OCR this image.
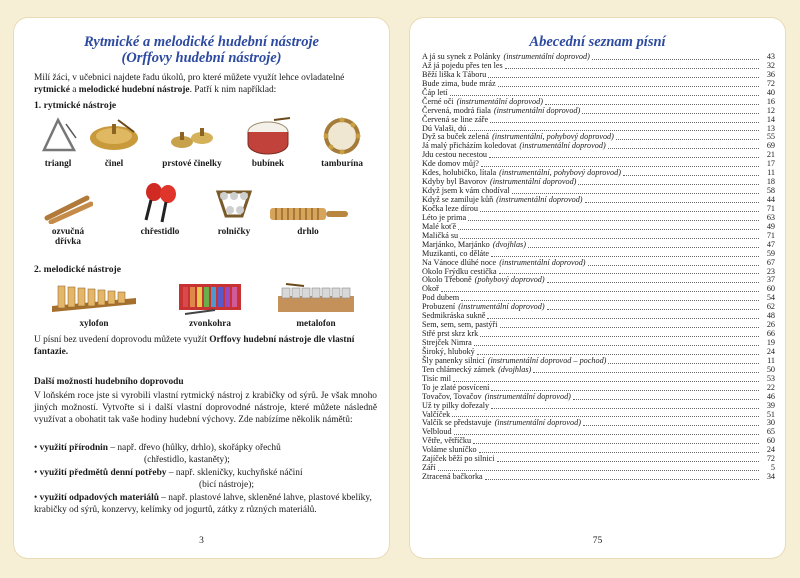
Rytmické a melodické hudební nástroje
(Orffovy hudební nástroje)
Milí žáci, v učebnici najdete řadu úkolů, pro které můžete využít lehce ovladatelné
rytmické a melodické hudební nástroje. Patří k nim například:
1. rytmické nástroje
triangl	činel	prstové činelky	bubínek	tamburína
ozvučná dřívka
chřestidlo	rolničky	drhlo
2. melodické nástroje
xylofon	zvonkohra	metalofon
U písní bez uvedení doprovodu můžete využít Orffovy hudební nástroje dle vlastní fantazie.
Další možnosti hudebního doprovodu
V loňském roce jste si vyrobili vlastní rytmický nástroj z krabičky od sýrů. Je však mnoho jiných možností. Vytvořte si i další vlastní doprovodné nástroje, které můžete následně využívat a obohatit tak vaše hodiny hudební výchovy. Zde nabízíme několik námětů:
• využití přírodnin – např. dřevo (hůlky, drhlo), skořápky ořechů
(chřestidlo, kastaněty);
• využití předmětů denní potřeby – např. skleničky, kuchyňské náčiní
(bicí nástroje);
• využití odpadových materiálů – např. plastové lahve, skleněné lahve, plastové kbelíky, krabičky od sýrů, konzervy, kelímky od jogurtů, zátky z různých materiálů.
3
Abecední seznam písní
A já su synek z Polánky (instrumentální doprovod)	43
Až já pojedu přes ten les	32
Běží liška k Táboru	36
Bude zima, bude mráz	72
Čáp letí	40
Černé oči (instrumentální doprovod)	16
Červená, modrá fiala (instrumentální doprovod)	12
Červená se line záře	14
Dú Valaši, dú	13
Dyž sa buček zelená (instrumentální, pohybový doprovod)	55
Já malý přicházím koledovat (instrumentální doprovod)	69
Jdu cestou necestou	21
Kde domov můj?	17
Kdes, holubičko, lítala (instrumentální, pohybový doprovod)	11
Kdyby byl Bavorov (instrumentální doprovod)	18
Když jsem k vám chodíval	58
Když se zamiluje kůň (instrumentální doprovod)	44
Kočka leze dírou	71
Léto je prima	63
Malé koťě	49
Maličká su	71
Marjánko, Marjánko (dvojhlas)	47
Muzikanti, co děláte	59
Na Vánoce dlúhé noce (instrumentální doprovod)	67
Okolo Frýdku cestička	23
Okolo Třeboně (pohybový doprovod)	37
Okoř	60
Pod dubem	54
Probuzení (instrumentální doprovod)	62
Sedmikráska sukně	48
Sem, sem, sem, pastýři	26
Střé prst skrz krk	66
Strejček Nimra	19
Široký, hluboký	24
Šly panenky silnicí (instrumentální doprovod – pochod)	11
Ten chlámecký zámek (dvojhlas)	50
Tisíc mil	53
To je zlaté posvícení	22
Tovačov, Tovačov (instrumentální doprovod)	46
Už ty pilky dořezaly	39
Valčíček	51
Valčík se představuje (instrumentální doprovod)	30
Velbloud	65
Větře, větříčku	60
Voláme sluníčko	24
Zajíček běží po silnici	72
Září	5
Ztracená bačkorka	34
75
